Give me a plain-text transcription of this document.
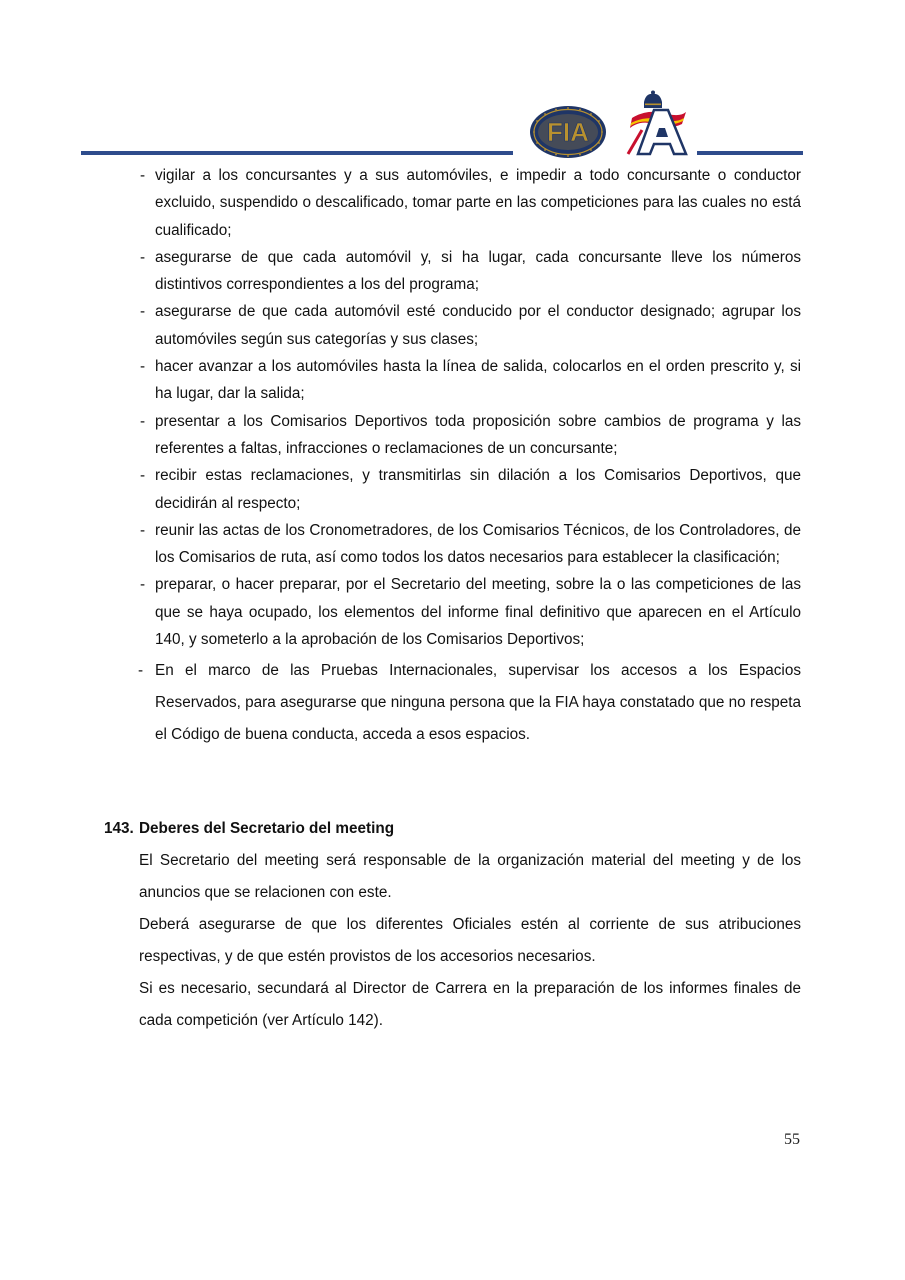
FIA
- vigilar a los concursantes y a sus automóviles, e impedir a todo concursante o conductor excluido, suspendido o descalificado, tomar parte en las competiciones para las cuales no está cualificado;
- asegurarse de que cada automóvil y, si ha lugar, cada concursante lleve los números distintivos correspondientes a los del programa;
- asegurarse de que cada automóvil esté conducido por el conductor designado; agrupar los automóviles según sus categorías y sus clases;
- hacer avanzar a los automóviles hasta la línea de salida, colocarlos en el orden prescrito y, si ha lugar, dar la salida;
- presentar a los Comisarios Deportivos toda proposición sobre cambios de programa y las referentes a faltas, infracciones o reclamaciones de un concursante;
- recibir estas reclamaciones, y transmitirlas sin dilación a los Comisarios Deportivos, que decidirán al respecto;
- reunir las actas de los Cronometradores, de los Comisarios Técnicos, de los Controladores, de los Comisarios de ruta, así como todos los datos necesarios para establecer la clasificación;
- preparar, o hacer preparar, por el Secretario del meeting, sobre la o las competiciones de las que se haya ocupado, los elementos del informe final definitivo que aparecen en el Artículo 140, y someterlo a la aprobación de los Comisarios Deportivos;
- En el marco de las Pruebas Internacionales, supervisar los accesos a los Espacios Reservados, para asegurarse que ninguna persona que la FIA haya constatado que no respeta el Código de buena conducta, acceda a esos espacios.
143. Deberes del Secretario del meeting

El Secretario del meeting será responsable de la organización material del meeting y de los anuncios que se relacionen con este.

Deberá asegurarse de que los diferentes Oficiales estén al corriente de sus atribuciones respectivas, y de que estén provistos de los accesorios necesarios.

Si es necesario, secundará al Director de Carrera en la preparación de los informes finales de cada competición (ver Artículo 142).

55
